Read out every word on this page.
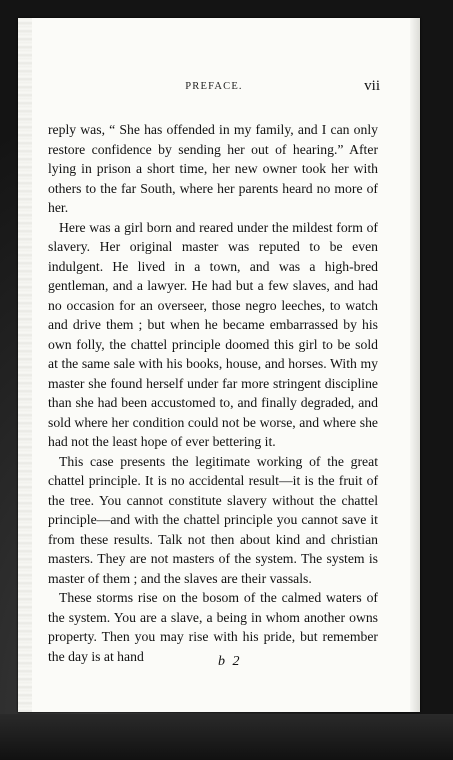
PREFACE.	vii

reply was, “ She has offended in my family, and I can only restore confidence by sending her out of hearing.” After lying in prison a short time, her new owner took her with others to the far South, where her parents heard no more of her.

Here was a girl born and reared under the mildest form of slavery. Her original master was reputed to be even indulgent. He lived in a town, and was a high-bred gentleman, and a lawyer. He had but a few slaves, and had no occasion for an overseer, those negro leeches, to watch and drive them ; but when he became embarrassed by his own folly, the chattel principle doomed this girl to be sold at the same sale with his books, house, and horses. With my master she found herself under far more stringent discipline than she had been accustomed to, and finally degraded, and sold where her condition could not be worse, and where she had not the least hope of ever bettering it.

This case presents the legitimate working of the great chattel principle. It is no accidental result—it is the fruit of the tree. You cannot constitute slavery without the chattel principle—and with the chattel principle you cannot save it from these results. Talk not then about kind and christian masters. They are not masters of the system. The system is master of them ; and the slaves are their vassals.

These storms rise on the bosom of the calmed waters of the system. You are a slave, a being in whom another owns property. Then you may rise with his pride, but remember the day is at hand	b 2
